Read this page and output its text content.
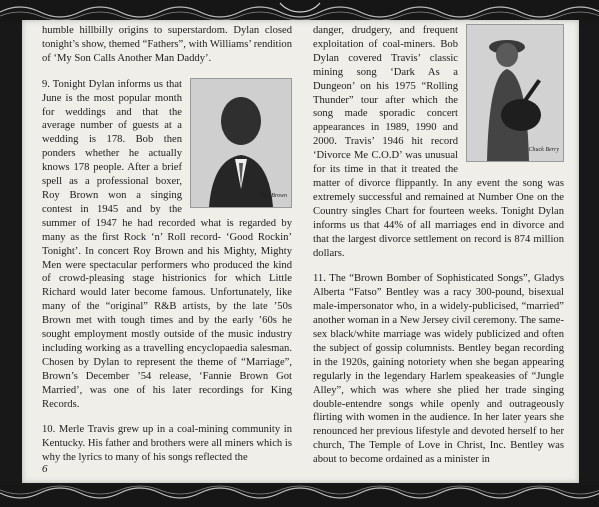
humble hillbilly origins to superstardom. Dylan closed tonight’s show, themed “Fathers”, with Williams’ rendition of ‘My Son Calls Another Man Daddy’.

Roy Brown

9. Tonight Dylan informs us that June is the most popular month for weddings and that the average number of guests at a wedding is 178. Bob then ponders whether he actually knows 178 people. After a brief spell as a professional boxer, Roy Brown won a singing contest in 1945 and by the summer of 1947 he had recorded what is regarded by many as the first Rock ‘n’ Roll record- ‘Good Rockin’ Tonight’. In concert Roy Brown and his Mighty, Mighty Men were spectacular performers who produced the kind of crowd-pleasing stage histrionics for which Little Richard would later become famous. Unfortunately, like many of the “original” R&B artists, by the late ’50s Brown met with tough times and by the early ’60s he sought employment mostly outside of the music industry including working as a travelling encyclopaedia salesman. Chosen by Dylan to represent the theme of “Marriage”, Brown’s December ’54 release, ‘Fannie Brown Got Married’, was one of his later recordings for King Records.

10. Merle Travis grew up in a coal-mining community in Kentucky. His father and brothers were all miners which is why the lyrics to many of his songs reflected the

Chuck Berry

danger, drudgery, and frequent exploitation of coal-miners. Bob Dylan covered Travis’ classic mining song ‘Dark As a Dungeon’ on his 1975 “Rolling Thunder” tour after which the song made sporadic concert appearances in 1989, 1990 and 2000. Travis’ 1946 hit record ‘Divorce Me C.O.D’ was unusual for its time in that it treated the matter of divorce flippantly. In any event the song was extremely successful and remained at Number One on the Country singles Chart for fourteen weeks. Tonight Dylan informs us that 44% of all marriages end in divorce and that the largest divorce settlement on record is 874 million dollars.

11. The “Brown Bomber of Sophisticated Songs”, Gladys Alberta “Fatso” Bentley was a racy 300-pound, bisexual male-impersonator who, in a widely-publicised, “married” another woman in a New Jersey civil ceremony. The same-sex black/white marriage was widely publicized and often the subject of gossip columnists. Bentley began recording in the 1920s, gaining notoriety when she began appearing regularly in the legendary Harlem speakeasies of “Jungle Alley”, which was where she plied her trade singing double-entendre songs while openly and outrageously flirting with women in the audience. In her later years she renounced her previous lifestyle and devoted herself to her church, The Temple of Love in Christ, Inc. Bentley was about to become ordained as a minister in

6
